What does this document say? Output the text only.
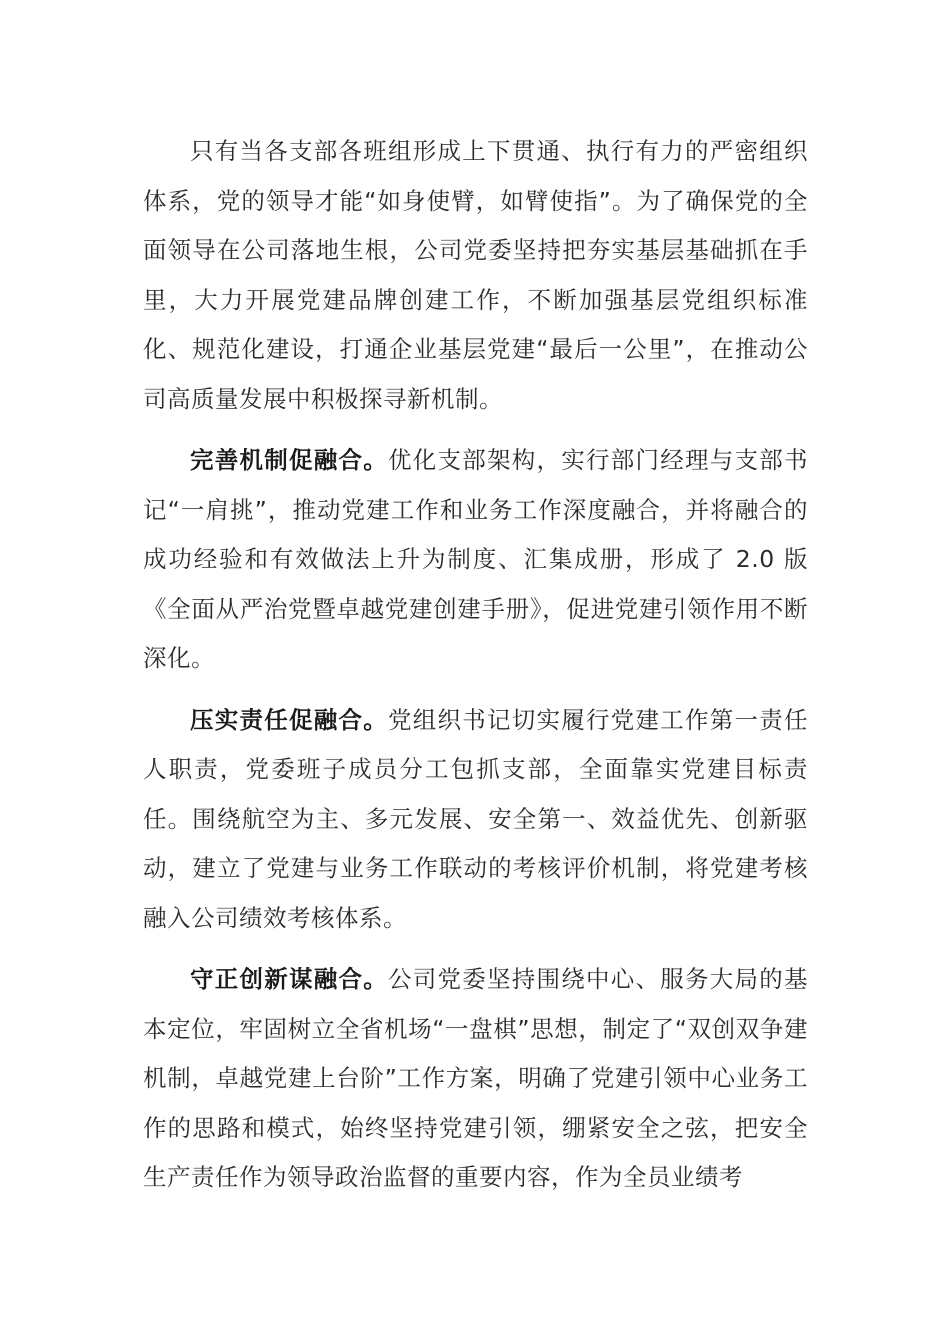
只有当各支部各班组形成上下贯通、执行有力的严密组织体系，党的领导才能“如身使臂，如臂使指”。为了确保党的全面领导在公司落地生根，公司党委坚持把夯实基层基础抓在手里，大力开展党建品牌创建工作，不断加强基层党组织标准化、规范化建设，打通企业基层党建“最后一公里”，在推动公司高质量发展中积极探寻新机制。

完善机制促融合。优化支部架构，实行部门经理与支部书记“一肩挑”，推动党建工作和业务工作深度融合，并将融合的成功经验和有效做法上升为制度、汇集成册，形成了 2.0 版《全面从严治党暨卓越党建创建手册》，促进党建引领作用不断深化。

压实责任促融合。党组织书记切实履行党建工作第一责任人职责，党委班子成员分工包抓支部，全面靠实党建目标责任。围绕航空为主、多元发展、安全第一、效益优先、创新驱动，建立了党建与业务工作联动的考核评价机制，将党建考核融入公司绩效考核体系。

守正创新谋融合。公司党委坚持围绕中心、服务大局的基本定位，牢固树立全省机场“一盘棋”思想，制定了“双创双争建机制，卓越党建上台阶”工作方案，明确了党建引领中心业务工作的思路和模式，始终坚持党建引领，绷紧安全之弦，把安全生产责任作为领导政治监督的重要内容，作为全员业绩考
